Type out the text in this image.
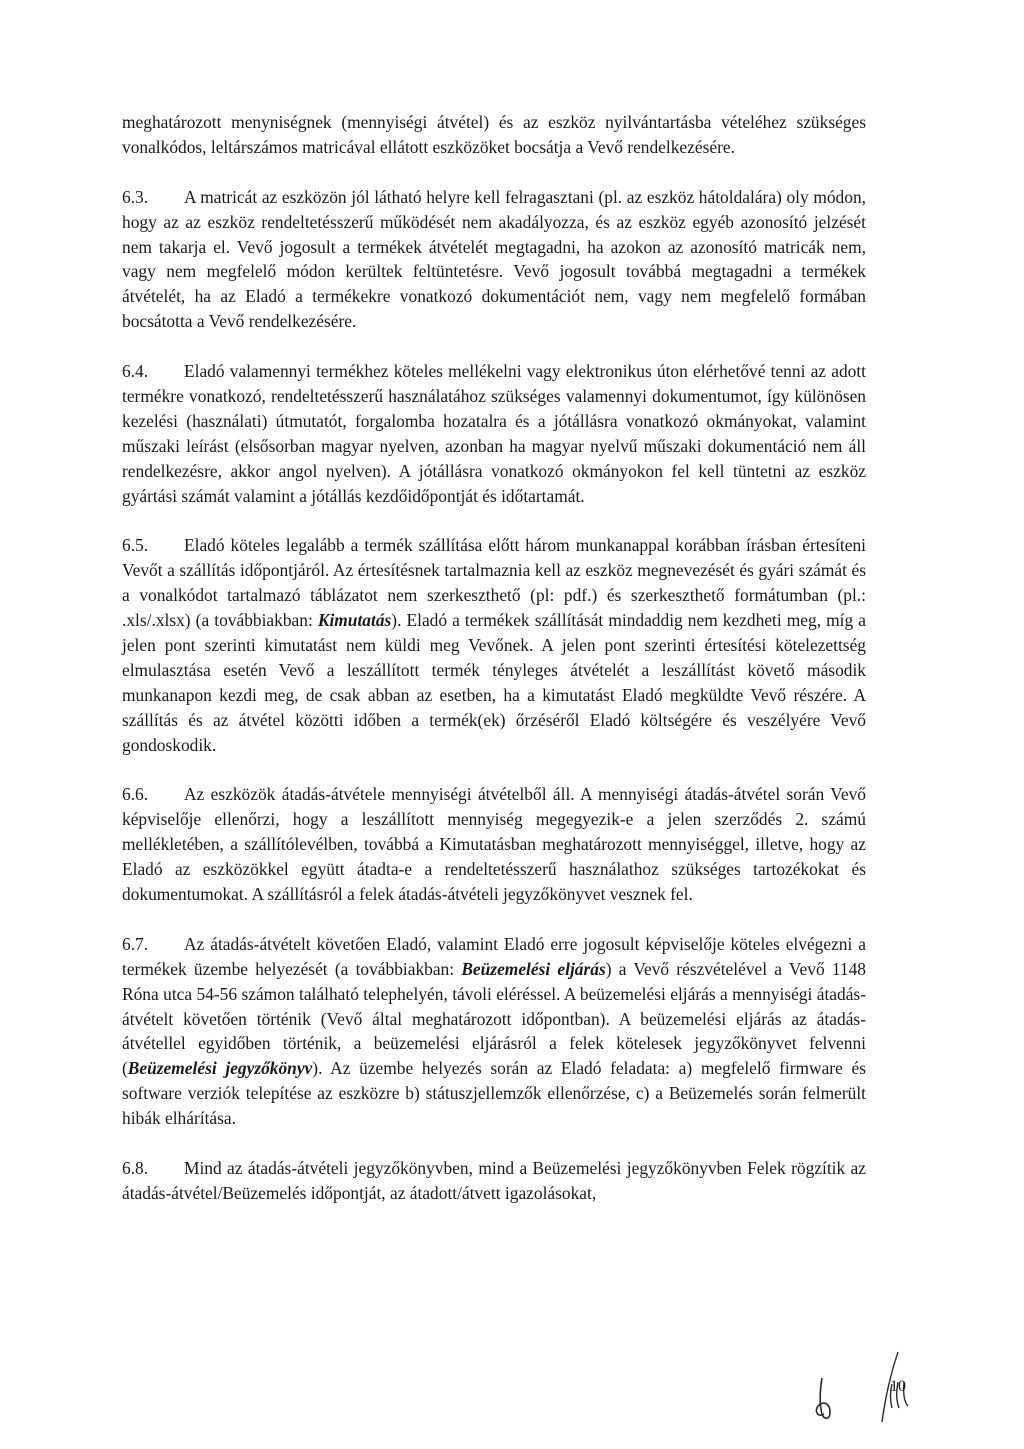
meghatározott menyniségnek (mennyiségi átvétel) és az eszköz nyilvántartásba vételéhez szükséges vonalkódos, leltárszámos matricával ellátott eszközöket bocsátja a Vevő rendelkezésére.

6.3. A matricát az eszközön jól látható helyre kell felragasztani (pl. az eszköz hátoldalára) oly módon, hogy az az eszköz rendeltetésszerű működését nem akadályozza, és az eszköz egyéb azonosító jelzését nem takarja el. Vevő jogosult a termékek átvételét megtagadni, ha azokon az azonosító matricák nem, vagy nem megfelelő módon kerültek feltüntetésre. Vevő jogosult továbbá megtagadni a termékek átvételét, ha az Eladó a termékekre vonatkozó dokumentációt nem, vagy nem megfelelő formában bocsátotta a Vevő rendelkezésére.

6.4. Eladó valamennyi termékhez köteles mellékelni vagy elektronikus úton elérhetővé tenni az adott termékre vonatkozó, rendeltetésszerű használatához szükséges valamennyi dokumentumot, így különösen kezelési (használati) útmutatót, forgalomba hozatalra és a jótállásra vonatkozó okmányokat, valamint műszaki leírást (elsősorban magyar nyelven, azonban ha magyar nyelvű műszaki dokumentáció nem áll rendelkezésre, akkor angol nyelven). A jótállásra vonatkozó okmányokon fel kell tüntetni az eszköz gyártási számát valamint a jótállás kezdőidőpontját és időtartamát.

6.5. Eladó köteles legalább a termék szállítása előtt három munkanappal korábban írásban értesíteni Vevőt a szállítás időpontjáról. Az értesítésnek tartalmaznia kell az eszköz megnevezését és gyári számát és a vonalkódot tartalmazó táblázatot nem szerkeszthető (pl: pdf.) és szerkeszthető formátumban (pl.: .xls/.xlsx) (a továbbiakban: Kimutatás). Eladó a termékek szállítását mindaddig nem kezdheti meg, míg a jelen pont szerinti kimutatást nem küldi meg Vevőnek. A jelen pont szerinti értesítési kötelezettség elmulasztása esetén Vevő a leszállított termék tényleges átvételét a leszállítást követő második munkanapon kezdi meg, de csak abban az esetben, ha a kimutatást Eladó megküldte Vevő részére. A szállítás és az átvétel közötti időben a termék(ek) őrzéséről Eladó költségére és veszélyére Vevő gondoskodik.

6.6. Az eszközök átadás-átvétele mennyiségi átvételből áll. A mennyiségi átadás-átvétel során Vevő képviselője ellenőrzi, hogy a leszállított mennyiség megegyezik-e a jelen szerződés 2. számú mellékletében, a szállítólevélben, továbbá a Kimutatásban meghatározott mennyiséggel, illetve, hogy az Eladó az eszközökkel együtt átadta-e a rendeltetésszerű használathoz szükséges tartozékokat és dokumentumokat. A szállításról a felek átadás-átvételi jegyzőkönyvet vesznek fel.

6.7. Az átadás-átvételt követően Eladó, valamint Eladó erre jogosult képviselője köteles elvégezni a termékek üzembe helyezését (a továbbiakban: Beüzemelési eljárás) a Vevő részvételével a Vevő 1148 Róna utca 54-56 számon található telephelyén, távoli eléréssel. A beüzemelési eljárás a mennyiségi átadás-átvételt követően történik (Vevő által meghatározott időpontban). A beüzemelési eljárás az átadás-átvétellel egyidőben történik, a beüzemelési eljárásról a felek kötelesek jegyzőkönyvet felvenni (Beüzemelési jegyzőkönyv). Az üzembe helyezés során az Eladó feladata: a) megfelelő firmware és software verziók telepítése az eszközre b) státuszjellemzők ellenőrzése, c) a Beüzemelés során felmerült hibák elhárítása.

6.8. Mind az átadás-átvételi jegyzőkönyvben, mind a Beüzemelési jegyzőkönyvben Felek rögzítik az átadás-átvétel/Beüzemelés időpontját, az átadott/átvett igazolásokat,

10
